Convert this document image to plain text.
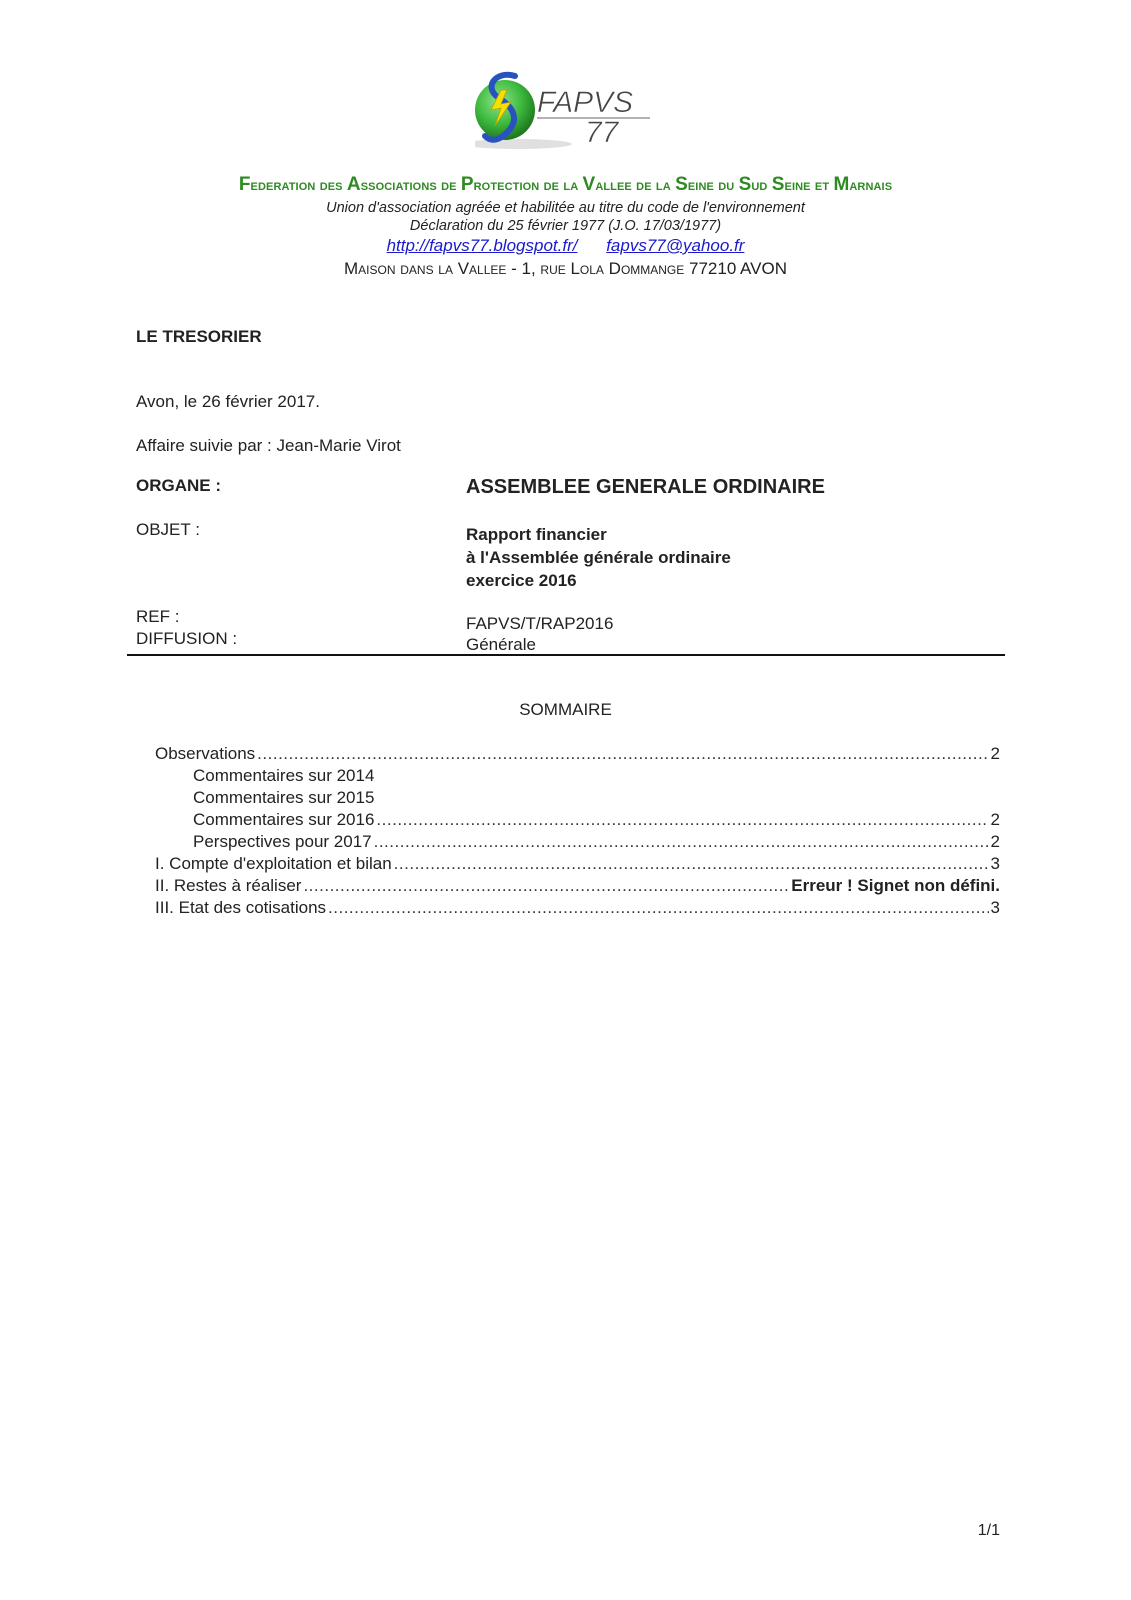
FAPVS
77
Federation des Associations de Protection de la Vallee de la Seine du Sud Seine et Marnais
Union d'association agréée et habilitée au titre du code de l'environnement
Déclaration du 25 février 1977 (J.O. 17/03/1977)
http://fapvs77.blogspot.fr/ fapvs77@yahoo.fr
Maison dans la Vallee - 1, rue Lola Dommange 77210 AVON
LE TRESORIER
Avon, le 26 février 2017.
Affaire suivie par : Jean-Marie Virot
ORGANE :	ASSEMBLEE GENERALE ORDINAIRE
OBJET :	Rapport financier
à l'Assemblée générale ordinaire
exercice 2016
REF :	FAPVS/T/RAP2016
DIFFUSION :	Générale
SOMMAIRE
Observations .....	2
Commentaires sur 2014
Commentaires sur 2015
Commentaires sur 2016 .....	2
Perspectives pour 2017 .....	2
I. Compte d'exploitation et bilan .....	3
II. Restes à réaliser .....	Erreur ! Signet non défini.
III. Etat des cotisations .....	3
1/1
